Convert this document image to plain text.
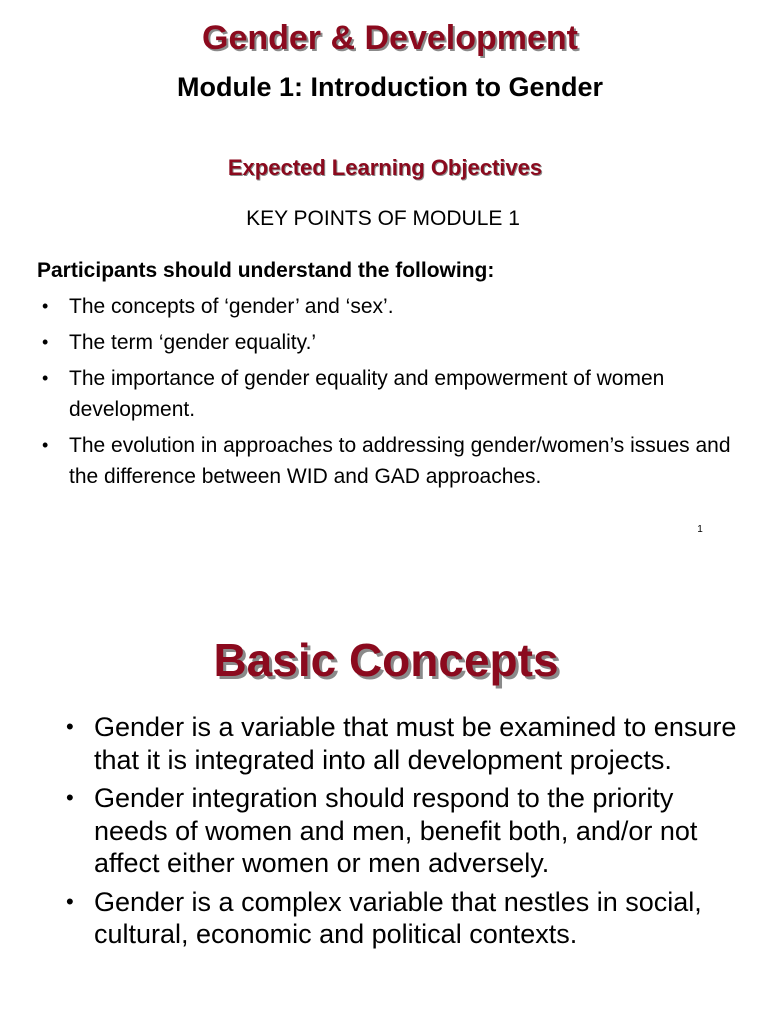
Gender & Development
Module 1: Introduction to Gender
Expected Learning Objectives
KEY POINTS OF MODULE 1
Participants should understand the following:
• The concepts of ‘gender’ and ‘sex’.
• The term ‘gender equality.’
• The importance of gender equality and empowerment of women development.
• The evolution in approaches to addressing gender/women’s issues and the difference between WID and GAD approaches.
1
Basic Concepts
• Gender is a variable that must be examined to ensure that it is integrated into all development projects.
• Gender integration should respond to the priority needs of women and men, benefit both, and/or not affect either women or men adversely.
• Gender is a complex variable that nestles in social, cultural, economic and political contexts.
